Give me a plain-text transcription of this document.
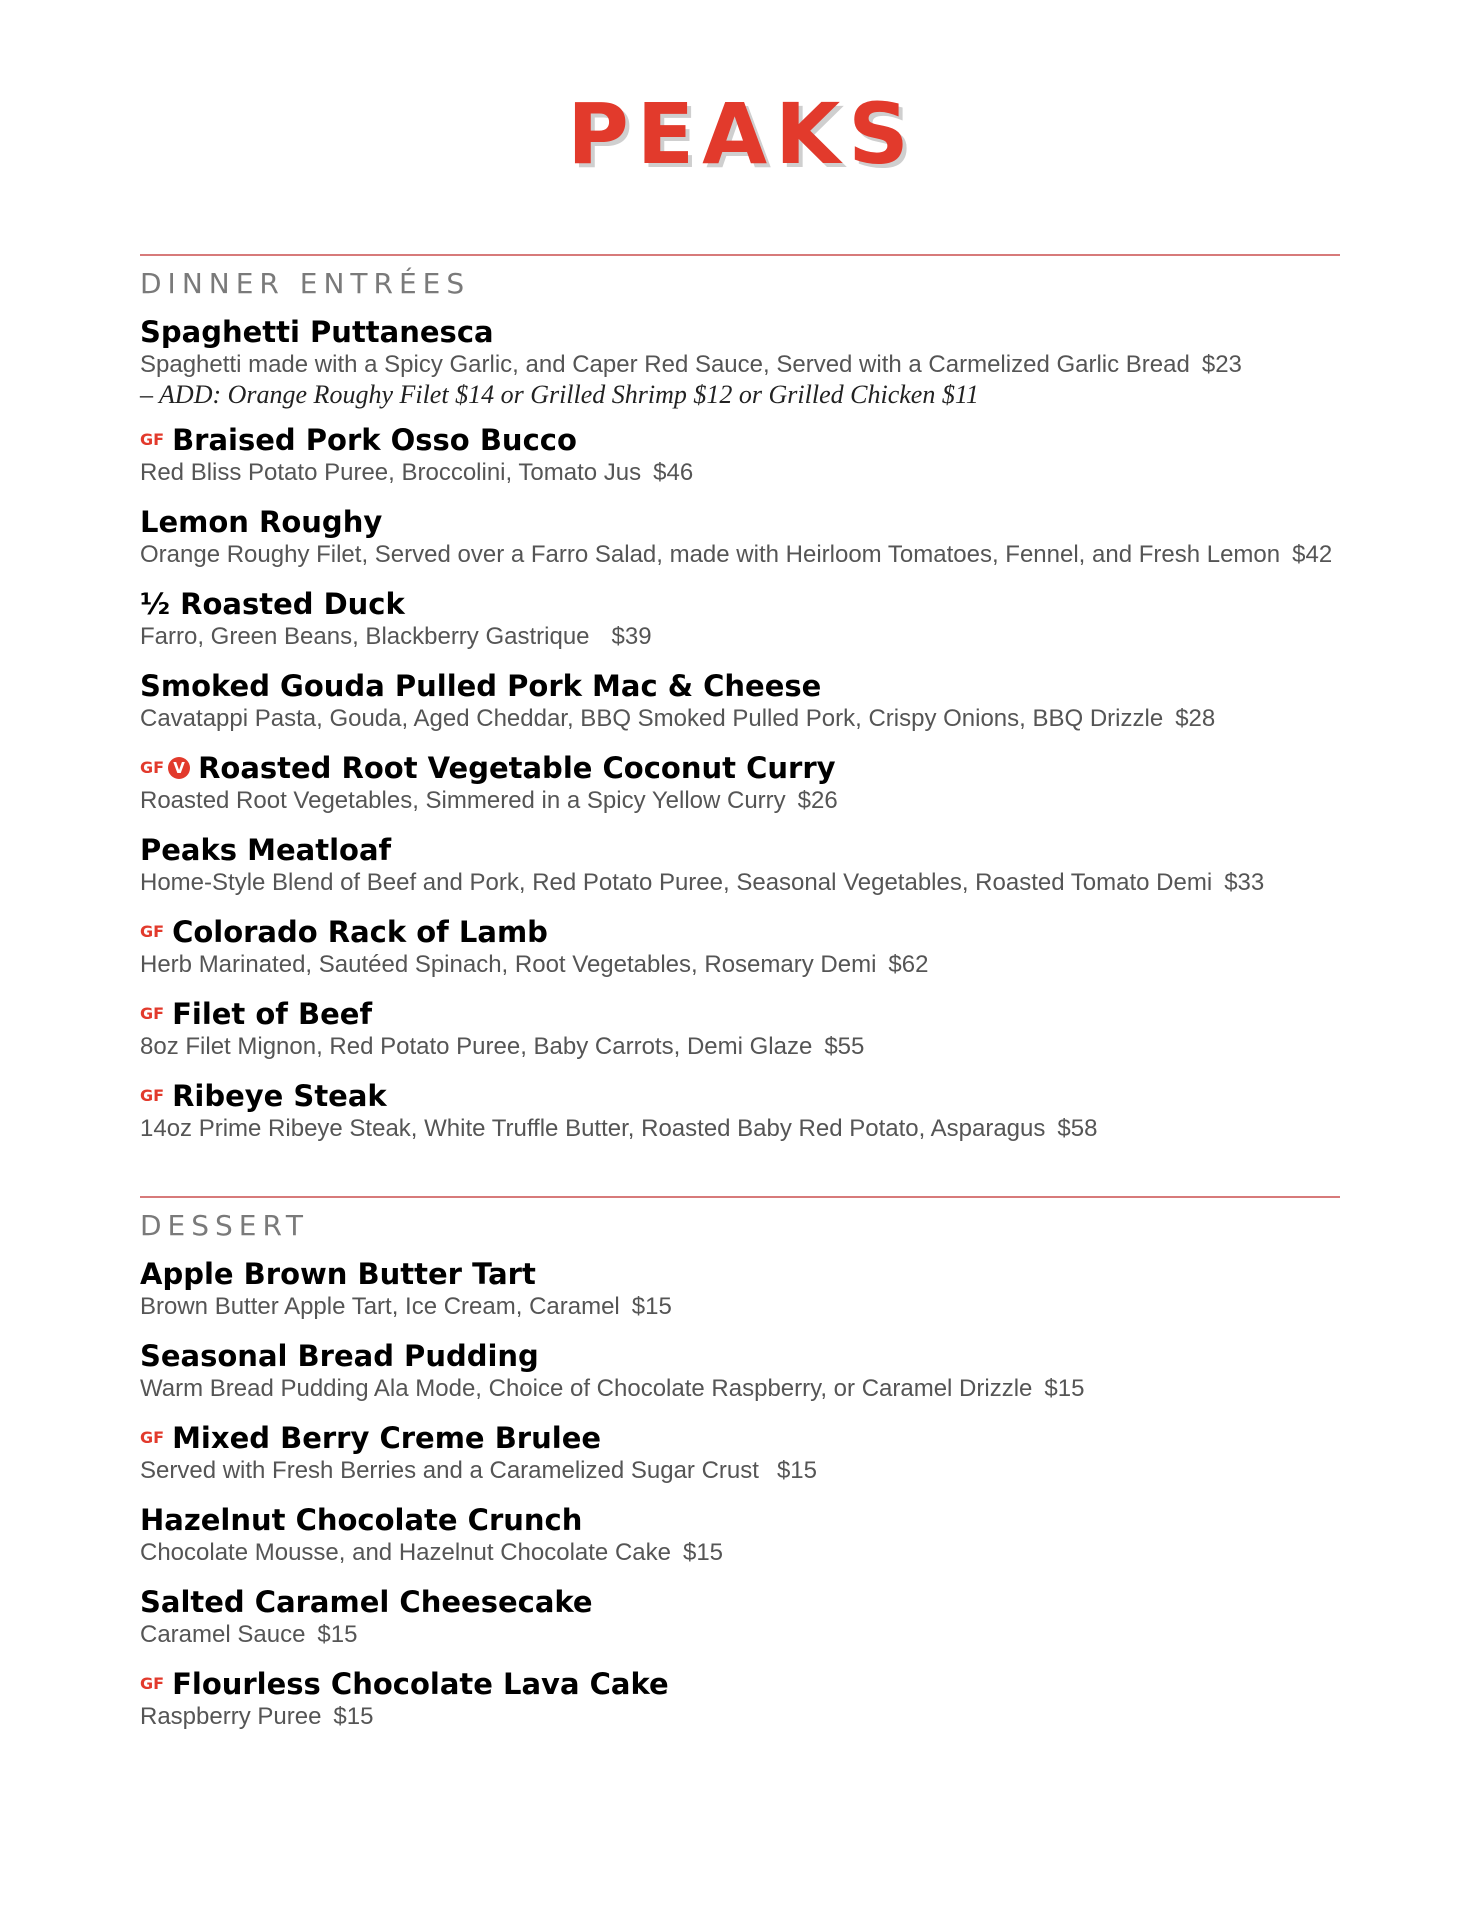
PEAKS
DINNER ENTRÉES
Spaghetti Puttanesca
Spaghetti made with a Spicy Garlic, and Caper Red Sauce, Served with a Carmelized Garlic Bread $23
– ADD: Orange Roughy Filet $14 or Grilled Shrimp $12 or Grilled Chicken $11
GF Braised Pork Osso Bucco
Red Bliss Potato Puree, Broccolini, Tomato Jus $46
Lemon Roughy
Orange Roughy Filet, Served over a Farro Salad, made with Heirloom Tomatoes, Fennel, and Fresh Lemon $42
½ Roasted Duck
Farro, Green Beans, Blackberry Gastrique $39
Smoked Gouda Pulled Pork Mac & Cheese
Cavatappi Pasta, Gouda, Aged Cheddar, BBQ Smoked Pulled Pork, Crispy Onions, BBQ Drizzle $28
GF V Roasted Root Vegetable Coconut Curry
Roasted Root Vegetables, Simmered in a Spicy Yellow Curry $26
Peaks Meatloaf
Home-Style Blend of Beef and Pork, Red Potato Puree, Seasonal Vegetables, Roasted Tomato Demi $33
GF Colorado Rack of Lamb
Herb Marinated, Sautéed Spinach, Root Vegetables, Rosemary Demi $62
GF Filet of Beef
8oz Filet Mignon, Red Potato Puree, Baby Carrots, Demi Glaze $55
GF Ribeye Steak
14oz Prime Ribeye Steak, White Truffle Butter, Roasted Baby Red Potato, Asparagus $58
DESSERT
Apple Brown Butter Tart
Brown Butter Apple Tart, Ice Cream, Caramel $15
Seasonal Bread Pudding
Warm Bread Pudding Ala Mode, Choice of Chocolate Raspberry, or Caramel Drizzle $15
GF Mixed Berry Creme Brulee
Served with Fresh Berries and a Caramelized Sugar Crust $15
Hazelnut Chocolate Crunch
Chocolate Mousse, and Hazelnut Chocolate Cake $15
Salted Caramel Cheesecake
Caramel Sauce $15
GF Flourless Chocolate Lava Cake
Raspberry Puree $15
